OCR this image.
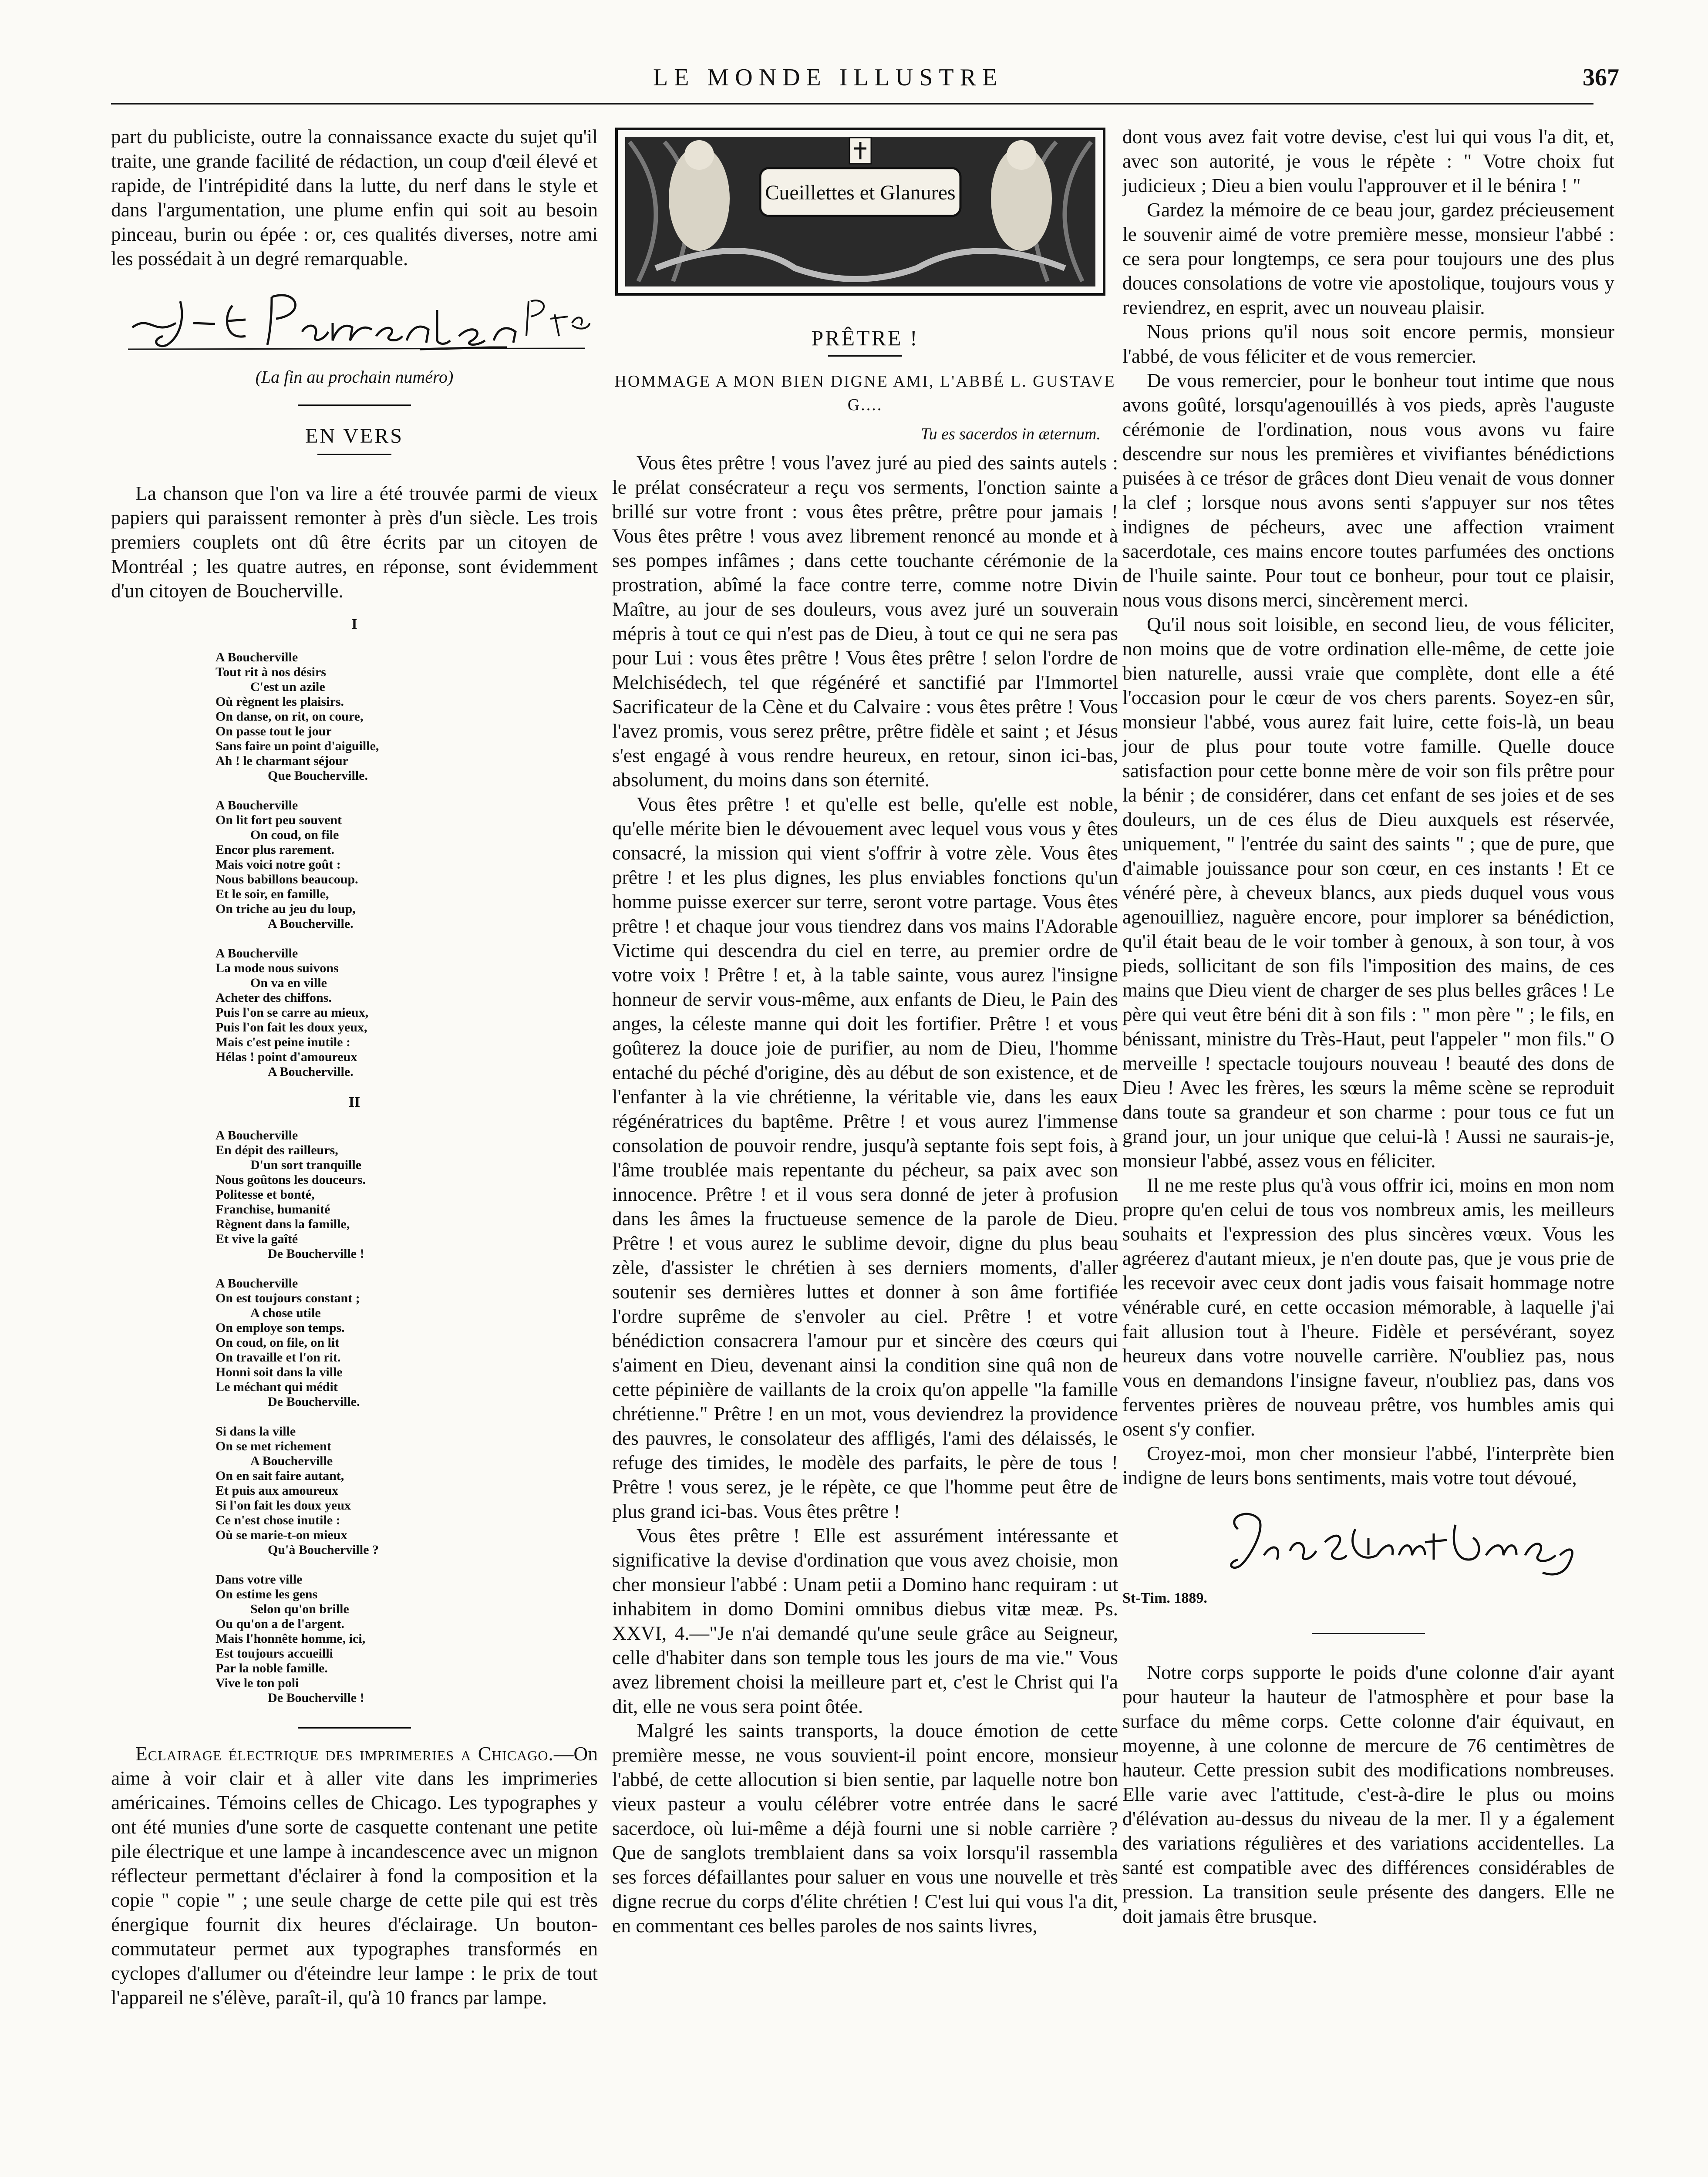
LE MONDE ILLUSTRE	367

part du publiciste, outre la connaissance exacte du sujet qu'il traite, une grande facilité de rédaction, un coup d'œil élevé et rapide, de l'intrépidité dans la lutte, du nerf dans le style et dans l'argumentation, une plume enfin qui soit au besoin pinceau, burin ou épée : or, ces qualités diverses, notre ami les possédait à un degré remarquable.

(La fin au prochain numéro)
EN VERS

La chanson que l'on va lire a été trouvée parmi de vieux papiers qui paraissent remonter à près d'un siècle. Les trois premiers couplets ont dû être écrits par un citoyen de Montréal ; les quatre autres, en réponse, sont évidemment d'un citoyen de Boucherville.

I
A Boucherville
Tout rit à nos désirs
C'est un azile
Où règnent les plaisirs.
On danse, on rit, on coure,
On passe tout le jour
Sans faire un point d'aiguille,
Ah ! le charmant séjour
Que Boucherville.
A Boucherville
On lit fort peu souvent
On coud, on file
Encor plus rarement.
Mais voici notre goût :
Nous babillons beaucoup.
Et le soir, en famille,
On triche au jeu du loup,
A Boucherville.
A Boucherville
La mode nous suivons
On va en ville
Acheter des chiffons.
Puis l'on se carre au mieux,
Puis l'on fait les doux yeux,
Mais c'est peine inutile :
Hélas ! point d'amoureux
A Boucherville.
II
A Boucherville
En dépit des railleurs,
D'un sort tranquille
Nous goûtons les douceurs.
Politesse et bonté,
Franchise, humanité
Règnent dans la famille,
Et vive la gaîté
De Boucherville !
A Boucherville
On est toujours constant ;
A chose utile
On employe son temps.
On coud, on file, on lit
On travaille et l'on rit.
Honni soit dans la ville
Le méchant qui médit
De Boucherville.
Si dans la ville
On se met richement
A Boucherville
On en sait faire autant,
Et puis aux amoureux
Si l'on fait les doux yeux
Ce n'est chose inutile :
Où se marie-t-on mieux
Qu'à Boucherville ?
Dans votre ville
On estime les gens
Selon qu'on brille
Ou qu'on a de l'argent.
Mais l'honnête homme, ici,
Est toujours accueilli
Par la noble famille.
Vive le ton poli
De Boucherville !

Eclairage électrique des imprimeries a Chicago.—On aime à voir clair et à aller vite dans les imprimeries américaines. Témoins celles de Chicago. Les typographes y ont été munies d'une sorte de casquette contenant une petite pile électrique et une lampe à incandescence avec un mignon réflecteur permettant d'éclairer à fond la composition et la copie " copie " ; une seule charge de cette pile qui est très énergique fournit dix heures d'éclairage. Un bouton-commutateur permet aux typographes transformés en cyclopes d'allumer ou d'éteindre leur lampe : le prix de tout l'appareil ne s'élève, paraît-il, qu'à 10 francs par lampe.

Cueillettes et Glanures
PRÊTRE !
HOMMAGE A MON BIEN DIGNE AMI, L'ABBÉ L. GUSTAVE G....
Tu es sacerdos in æternum.

Vous êtes prêtre ! vous l'avez juré au pied des saints autels : le prélat consécrateur a reçu vos serments, l'onction sainte a brillé sur votre front : vous êtes prêtre, prêtre pour jamais ! Vous êtes prêtre ! vous avez librement renoncé au monde et à ses pompes infâmes ; dans cette touchante cérémonie de la prostration, abîmé la face contre terre, comme notre Divin Maître, au jour de ses douleurs, vous avez juré un souverain mépris à tout ce qui n'est pas de Dieu, à tout ce qui ne sera pas pour Lui : vous êtes prêtre ! Vous êtes prêtre ! selon l'ordre de Melchisédech, tel que régénéré et sanctifié par l'Immortel Sacrificateur de la Cène et du Calvaire : vous êtes prêtre ! Vous l'avez promis, vous serez prêtre, prêtre fidèle et saint ; et Jésus s'est engagé à vous rendre heureux, en retour, sinon ici-bas, absolument, du moins dans son éternité.

Vous êtes prêtre ! et qu'elle est belle, qu'elle est noble, qu'elle mérite bien le dévouement avec lequel vous vous y êtes consacré, la mission qui vient s'offrir à votre zèle. Vous êtes prêtre ! et les plus dignes, les plus enviables fonctions qu'un homme puisse exercer sur terre, seront votre partage. Vous êtes prêtre ! et chaque jour vous tiendrez dans vos mains l'Adorable Victime qui descendra du ciel en terre, au premier ordre de votre voix ! Prêtre ! et, à la table sainte, vous aurez l'insigne honneur de servir vous-même, aux enfants de Dieu, le Pain des anges, la céleste manne qui doit les fortifier. Prêtre ! et vous goûterez la douce joie de purifier, au nom de Dieu, l'homme entaché du péché d'origine, dès au début de son existence, et de l'enfanter à la vie chrétienne, la véritable vie, dans les eaux régénératrices du baptême. Prêtre ! et vous aurez l'immense consolation de pouvoir rendre, jusqu'à septante fois sept fois, à l'âme troublée mais repentante du pécheur, sa paix avec son innocence. Prêtre ! et il vous sera donné de jeter à profusion dans les âmes la fructueuse semence de la parole de Dieu. Prêtre ! et vous aurez le sublime devoir, digne du plus beau zèle, d'assister le chrétien à ses derniers moments, d'aller soutenir ses dernières luttes et donner à son âme fortifiée l'ordre suprême de s'envoler au ciel. Prêtre ! et votre bénédiction consacrera l'amour pur et sincère des cœurs qui s'aiment en Dieu, devenant ainsi la condition sine quâ non de cette pépinière de vaillants de la croix qu'on appelle "la famille chrétienne." Prêtre ! en un mot, vous deviendrez la providence des pauvres, le consolateur des affligés, l'ami des délaissés, le refuge des timides, le modèle des parfaits, le père de tous ! Prêtre ! vous serez, je le répète, ce que l'homme peut être de plus grand ici-bas. Vous êtes prêtre !

Vous êtes prêtre ! Elle est assurément intéressante et significative la devise d'ordination que vous avez choisie, mon cher monsieur l'abbé : Unam petii a Domino hanc requiram : ut inhabitem in domo Domini omnibus diebus vitæ meæ. Ps. XXVI, 4.—"Je n'ai demandé qu'une seule grâce au Seigneur, celle d'habiter dans son temple tous les jours de ma vie." Vous avez librement choisi la meilleure part et, c'est le Christ qui l'a dit, elle ne vous sera point ôtée.

Malgré les saints transports, la douce émotion de cette première messe, ne vous souvient-il point encore, monsieur l'abbé, de cette allocution si bien sentie, par laquelle notre bon vieux pasteur a voulu célébrer votre entrée dans le sacré sacerdoce, où lui-même a déjà fourni une si noble carrière ? Que de sanglots tremblaient dans sa voix lorsqu'il rassembla ses forces défaillantes pour saluer en vous une nouvelle et très digne recrue du corps d'élite chrétien ! C'est lui qui vous l'a dit, en commentant ces belles paroles de nos saints livres,

dont vous avez fait votre devise, c'est lui qui vous l'a dit, et, avec son autorité, je vous le répète : " Votre choix fut judicieux ; Dieu a bien voulu l'approuver et il le bénira ! "

Gardez la mémoire de ce beau jour, gardez précieusement le souvenir aimé de votre première messe, monsieur l'abbé : ce sera pour longtemps, ce sera pour toujours une des plus douces consolations de votre vie apostolique, toujours vous y reviendrez, en esprit, avec un nouveau plaisir.

Nous prions qu'il nous soit encore permis, monsieur l'abbé, de vous féliciter et de vous remercier.

De vous remercier, pour le bonheur tout intime que nous avons goûté, lorsqu'agenouillés à vos pieds, après l'auguste cérémonie de l'ordination, nous vous avons vu faire descendre sur nous les premières et vivifiantes bénédictions puisées à ce trésor de grâces dont Dieu venait de vous donner la clef ; lorsque nous avons senti s'appuyer sur nos têtes indignes de pécheurs, avec une affection vraiment sacerdotale, ces mains encore toutes parfumées des onctions de l'huile sainte. Pour tout ce bonheur, pour tout ce plaisir, nous vous disons merci, sincèrement merci.

Qu'il nous soit loisible, en second lieu, de vous féliciter, non moins que de votre ordination elle-même, de cette joie bien naturelle, aussi vraie que complète, dont elle a été l'occasion pour le cœur de vos chers parents. Soyez-en sûr, monsieur l'abbé, vous aurez fait luire, cette fois-là, un beau jour de plus pour toute votre famille. Quelle douce satisfaction pour cette bonne mère de voir son fils prêtre pour la bénir ; de considérer, dans cet enfant de ses joies et de ses douleurs, un de ces élus de Dieu auxquels est réservée, uniquement, " l'entrée du saint des saints " ; que de pure, que d'aimable jouissance pour son cœur, en ces instants ! Et ce vénéré père, à cheveux blancs, aux pieds duquel vous vous agenouilliez, naguère encore, pour implorer sa bénédiction, qu'il était beau de le voir tomber à genoux, à son tour, à vos pieds, sollicitant de son fils l'imposition des mains, de ces mains que Dieu vient de charger de ses plus belles grâces ! Le père qui veut être béni dit à son fils : " mon père " ; le fils, en bénissant, ministre du Très-Haut, peut l'appeler " mon fils." O merveille ! spectacle toujours nouveau ! beauté des dons de Dieu ! Avec les frères, les sœurs la même scène se reproduit dans toute sa grandeur et son charme : pour tous ce fut un grand jour, un jour unique que celui-là ! Aussi ne saurais-je, monsieur l'abbé, assez vous en féliciter.

Il ne me reste plus qu'à vous offrir ici, moins en mon nom propre qu'en celui de tous vos nombreux amis, les meilleurs souhaits et l'expression des plus sincères vœux. Vous les agréerez d'autant mieux, je n'en doute pas, que je vous prie de les recevoir avec ceux dont jadis vous faisait hommage notre vénérable curé, en cette occasion mémorable, à laquelle j'ai fait allusion tout à l'heure. Fidèle et persévérant, soyez heureux dans votre nouvelle carrière. N'oubliez pas, nous vous en demandons l'insigne faveur, n'oubliez pas, dans vos ferventes prières de nouveau prêtre, vos humbles amis qui osent s'y confier.

Croyez-moi, mon cher monsieur l'abbé, l'interprète bien indigne de leurs bons sentiments, mais votre tout dévoué,

St-Tim. 1889.

Notre corps supporte le poids d'une colonne d'air ayant pour hauteur la hauteur de l'atmosphère et pour base la surface du même corps. Cette colonne d'air équivaut, en moyenne, à une colonne de mercure de 76 centimètres de hauteur. Cette pression subit des modifications nombreuses. Elle varie avec l'attitude, c'est-à-dire le plus ou moins d'élévation au-dessus du niveau de la mer. Il y a également des variations régulières et des variations accidentelles. La santé est compatible avec des différences considérables de pression. La transition seule présente des dangers. Elle ne doit jamais être brusque.
